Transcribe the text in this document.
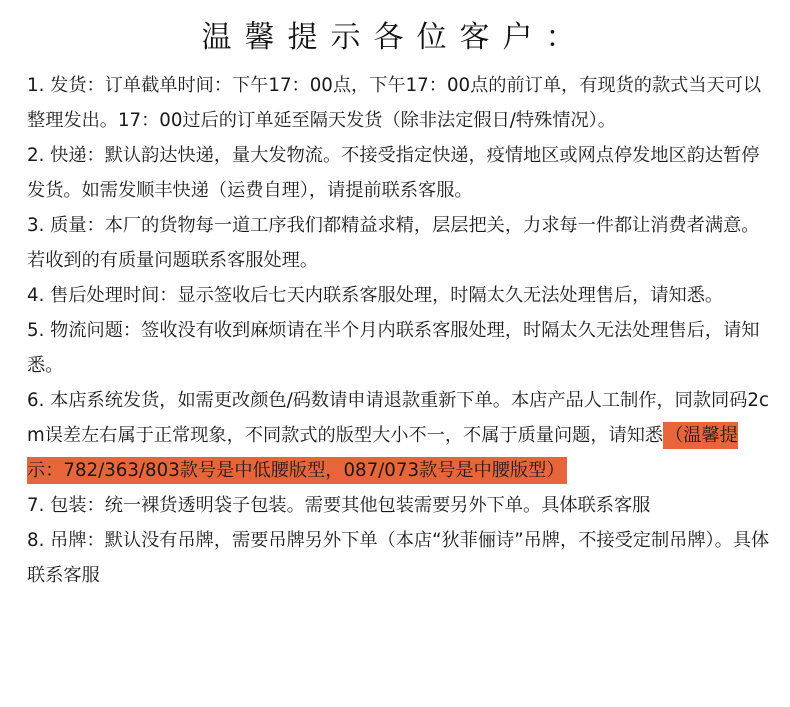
温馨提示各位客户：
1. 发货：订单截单时间：下午17：00点，下午17：00点的前订单，有现货的款式当天可以整理发出。17：00过后的订单延至隔天发货（除非法定假日/特殊情况）。
2. 快递：默认韵达快递，量大发物流。不接受指定快递，疫情地区或网点停发地区韵达暂停发货。如需发顺丰快递（运费自理），请提前联系客服。
3. 质量：本厂的货物每一道工序我们都精益求精，层层把关，力求每一件都让消费者满意。若收到的有质量问题联系客服处理。
4. 售后处理时间：显示签收后七天内联系客服处理，时隔太久无法处理售后，请知悉。
5. 物流问题：签收没有收到麻烦请在半个月内联系客服处理，时隔太久无法处理售后，请知悉。
6. 本店系统发货，如需更改颜色/码数请申请退款重新下单。本店产品人工制作，同款同码2cm误差左右属于正常现象，不同款式的版型大小不一，不属于质量问题，请知悉 （温馨提示：782/363/803款号是中低腰版型，087/073款号是中腰版型）
7. 包装：统一裸货透明袋子包装。需要其他包装需要另外下单。具体联系客服
8. 吊牌：默认没有吊牌，需要吊牌另外下单（本店“狄菲俪诗”吊牌，不接受定制吊牌）。具体联系客服
